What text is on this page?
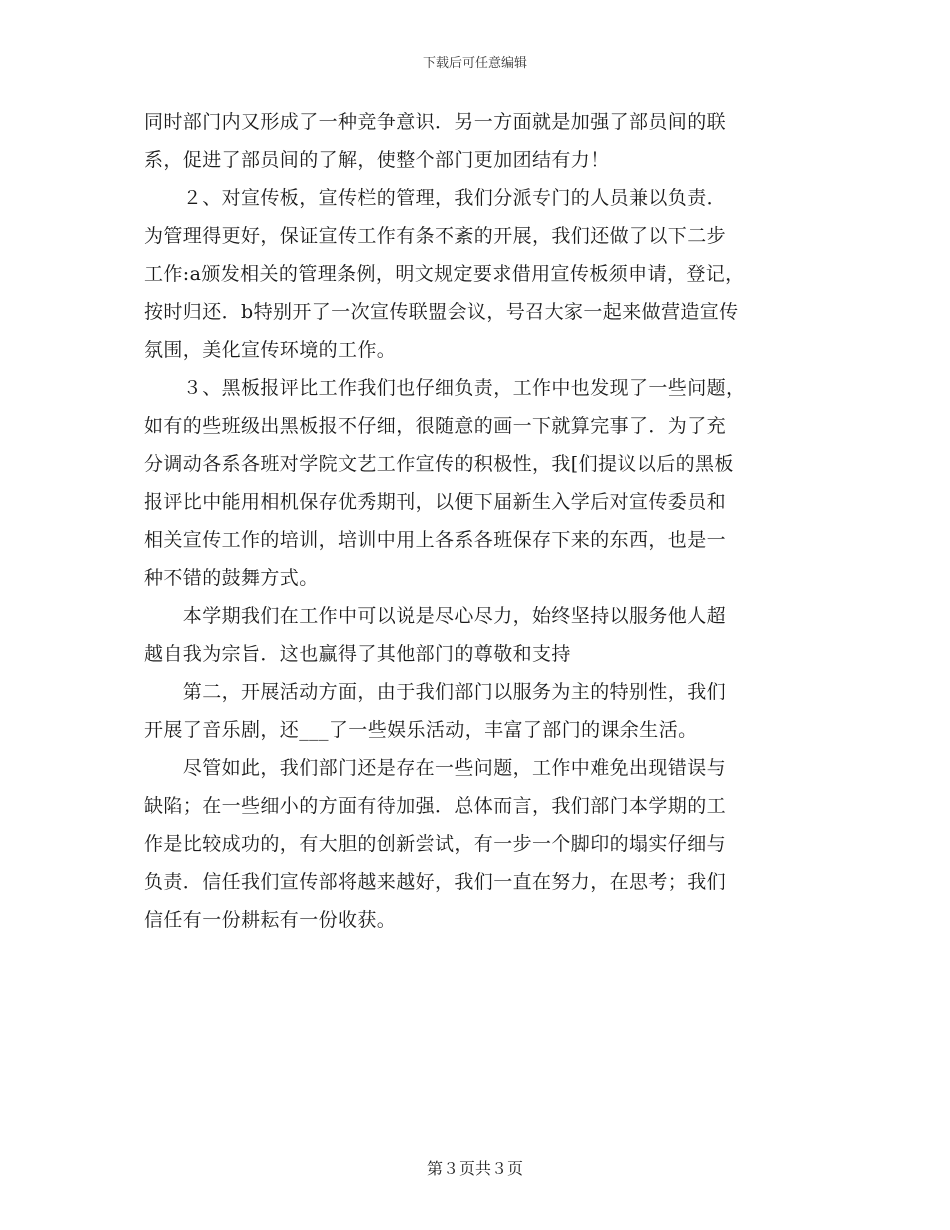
下载后可任意编辑

同时部门内又形成了一种竞争意识．另一方面就是加强了部员间的联
系，促进了部员间的了解，使整个部门更加团结有力！

　　２、对宣传板，宣传栏的管理，我们分派专门的人员兼以负责．
为管理得更好，保证宣传工作有条不紊的开展，我们还做了以下二步
工作:a颁发相关的管理条例，明文规定要求借用宣传板须申请，登记，
按时归还．b特别开了一次宣传联盟会议，号召大家一起来做营造宣传
氛围，美化宣传环境的工作。

　　３、黑板报评比工作我们也仔细负责，工作中也发现了一些问题，
如有的些班级出黑板报不仔细，很随意的画一下就算完事了．为了充
分调动各系各班对学院文艺工作宣传的积极性，我[们提议以后的黑板
报评比中能用相机保存优秀期刊，以便下届新生入学后对宣传委员和
相关宣传工作的培训，培训中用上各系各班保存下来的东西，也是一
种不错的鼓舞方式。

　　本学期我们在工作中可以说是尽心尽力，始终坚持以服务他人超
越自我为宗旨．这也赢得了其他部门的尊敬和支持

　　第二，开展活动方面，由于我们部门以服务为主的特别性，我们
开展了音乐剧，还___了一些娱乐活动，丰富了部门的课余生活。

　　尽管如此，我们部门还是存在一些问题，工作中难免出现错误与
缺陷；在一些细小的方面有待加强．总体而言，我们部门本学期的工
作是比较成功的，有大胆的创新尝试，有一步一个脚印的塌实仔细与
负责．信任我们宣传部将越来越好，我们一直在努力，在思考；我们
信任有一份耕耘有一份收获。

第３页共３页
